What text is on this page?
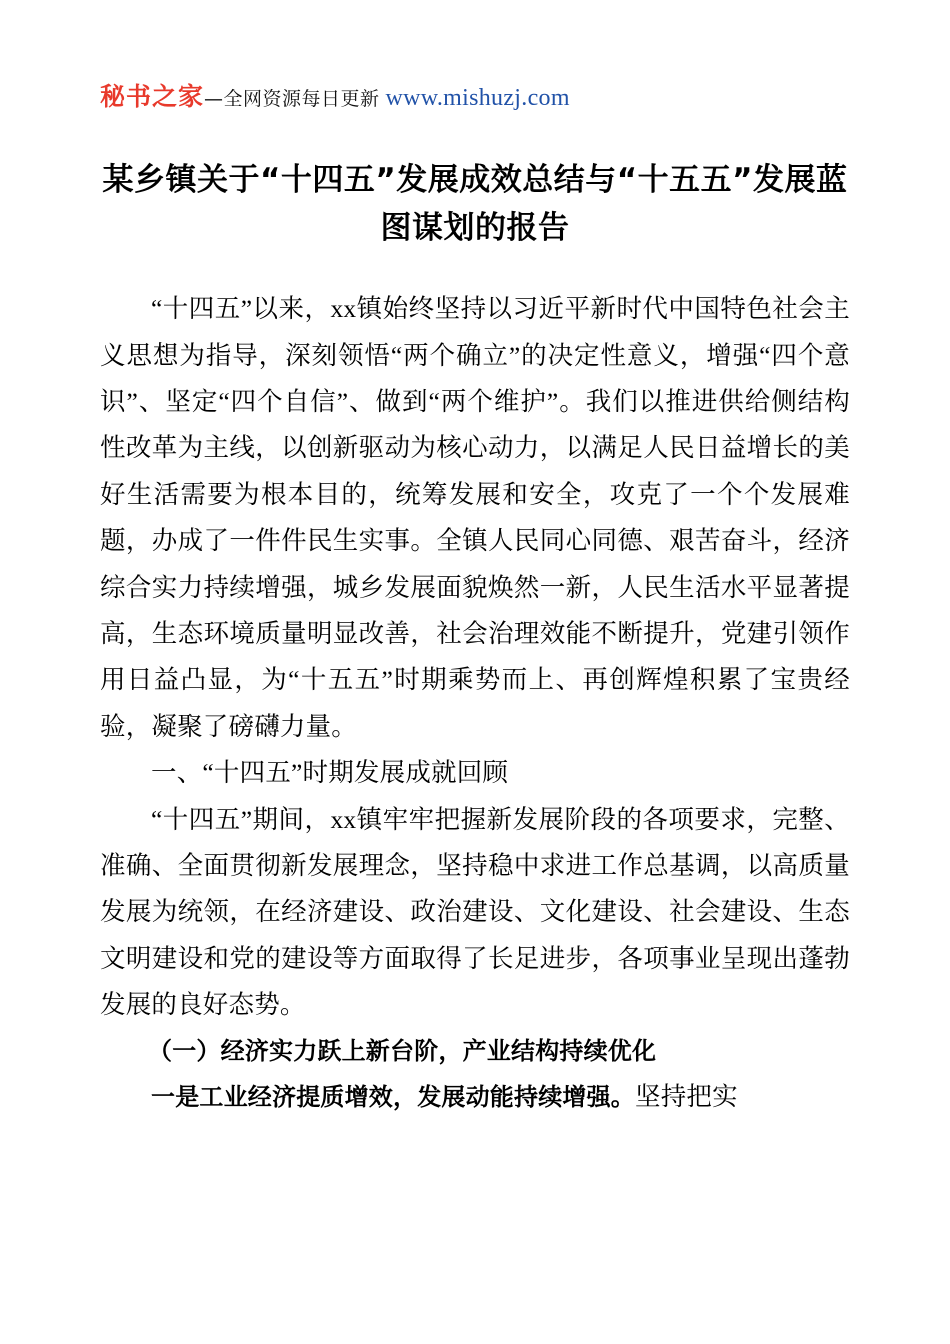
秘书之家—全网资源每日更新 www.mishuzj.com
某乡镇关于“十四五”发展成效总结与“十五五”发展蓝图谋划的报告

“十四五”以来，xx镇始终坚持以习近平新时代中国特色社会主义思想为指导，深刻领悟“两个确立”的决定性意义，增强“四个意识”、坚定“四个自信”、做到“两个维护”。我们以推进供给侧结构性改革为主线，以创新驱动为核心动力，以满足人民日益增长的美好生活需要为根本目的，统筹发展和安全，攻克了一个个发展难题，办成了一件件民生实事。全镇人民同心同德、艰苦奋斗，经济综合实力持续增强，城乡发展面貌焕然一新，人民生活水平显著提高，生态环境质量明显改善，社会治理效能不断提升，党建引领作用日益凸显，为“十五五”时期乘势而上、再创辉煌积累了宝贵经验，凝聚了磅礴力量。

一、“十四五”时期发展成就回顾

“十四五”期间，xx镇牢牢把握新发展阶段的各项要求，完整、准确、全面贯彻新发展理念，坚持稳中求进工作总基调，以高质量发展为统领，在经济建设、政治建设、文化建设、社会建设、生态文明建设和党的建设等方面取得了长足进步，各项事业呈现出蓬勃发展的良好态势。

（一）经济实力跃上新台阶，产业结构持续优化

一是工业经济提质增效，发展动能持续增强。坚持把实
